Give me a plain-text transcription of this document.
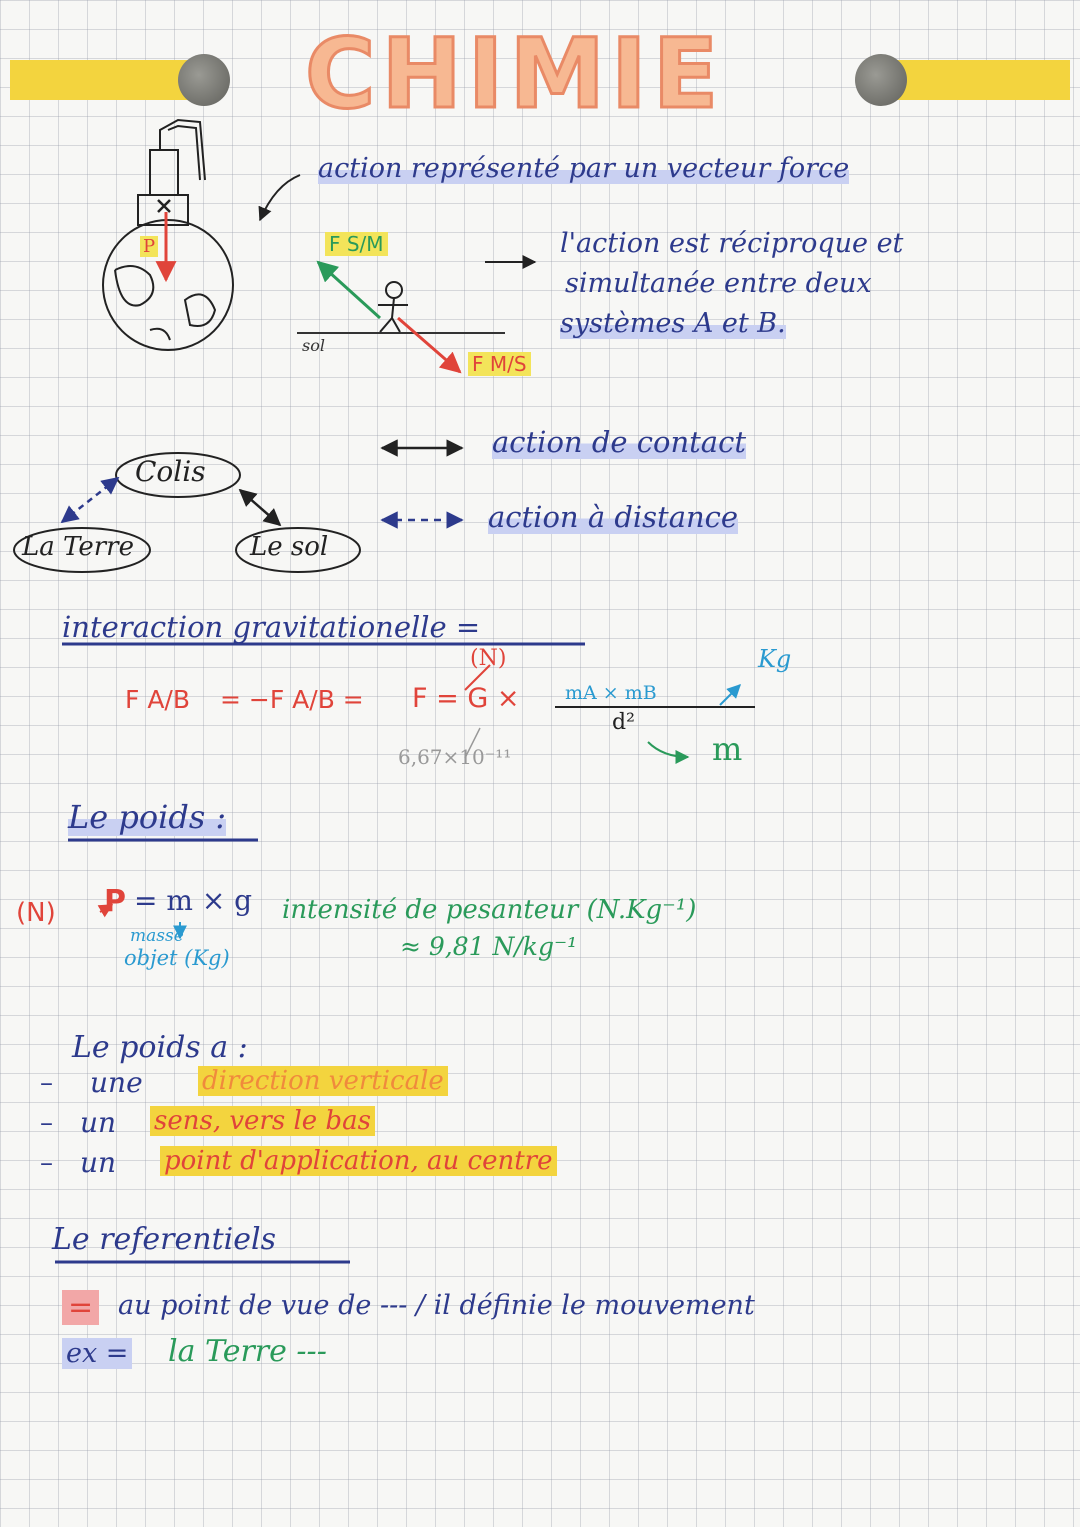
CHIMIE
action représenté par un vecteur force
F S/M
F M/S
sol
P	l'action est réciproque et
simultanée entre deux
systèmes A et B.
Colis
La Terre	Le sol
action de contact
action à distance
interaction gravitationelle =
(N)	Kg
F A/B = −F A/B = F = G × mA × mB
d²
6,67×10⁻¹¹	m
Le poids :
(N) P = m × g
masse
objet (Kg)
intensité de pesanteur (N.Kg⁻¹)
≈ 9,81 N/kg⁻¹
Le poids a :
– une direction verticale
– un sens, vers le bas
– un point d'application, au centre
Le referentiels
= au point de vue de --- / il définie le mouvement
ex = la Terre ---
